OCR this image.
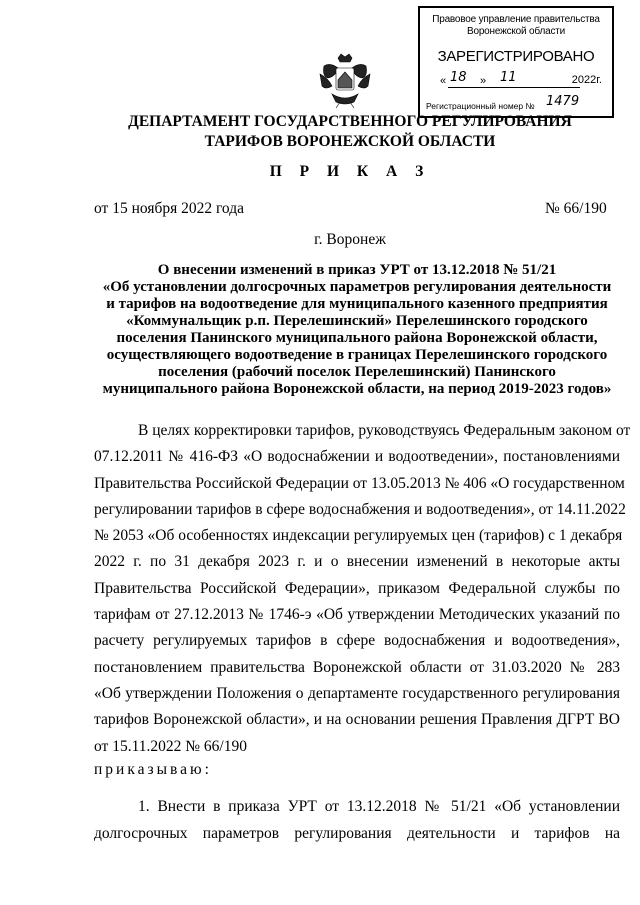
Правовое управление правительства
Воронежской области
ЗАРЕГИСТРИРОВАНО
« 18 » 11	2022г.
Регистрационный номер № 1479
ДЕПАРТАМЕНТ ГОСУДАРСТВЕННОГО РЕГУЛИРОВАНИЯ
ТАРИФОВ ВОРОНЕЖСКОЙ ОБЛАСТИ
П Р И К А З
от 15 ноября 2022 года	№ 66/190
г. Воронеж
О внесении изменений в приказ УРТ от 13.12.2018 № 51/21
«Об установлении долгосрочных параметров регулирования деятельности
и тарифов на водоотведение для муниципального казенного предприятия
«Коммунальщик р.п. Перелешинский» Перелешинского городского
поселения Панинского муниципального района Воронежской области,
осуществляющего водоотведение в границах Перелешинского городского
поселения (рабочий поселок Перелешинский) Панинского
муниципального района Воронежской области, на период 2019-2023 годов»
В целях корректировки тарифов, руководствуясь Федеральным законом от
07.12.2011 № 416-ФЗ «О водоснабжении и водоотведении», постановлениями
Правительства Российской Федерации от 13.05.2013 № 406 «О государственном
регулировании тарифов в сфере водоснабжения и водоотведения», от 14.11.2022
№ 2053 «Об особенностях индексации регулируемых цен (тарифов) с 1 декабря
2022 г. по 31 декабря 2023 г. и о внесении изменений в некоторые акты
Правительства Российской Федерации», приказом Федеральной службы по
тарифам от 27.12.2013 № 1746-э «Об утверждении Методических указаний по
расчету регулируемых тарифов в сфере водоснабжения и водоотведения»,
постановлением правительства Воронежской области от 31.03.2020 № 283
«Об утверждении Положения о департаменте государственного регулирования
тарифов Воронежской области», и на основании решения Правления ДГРТ ВО
от 15.11.2022 № 66/190
приказываю:
1. Внести в приказа УРТ от 13.12.2018 № 51/21 «Об установлении
долгосрочных параметров регулирования деятельности и тарифов на
